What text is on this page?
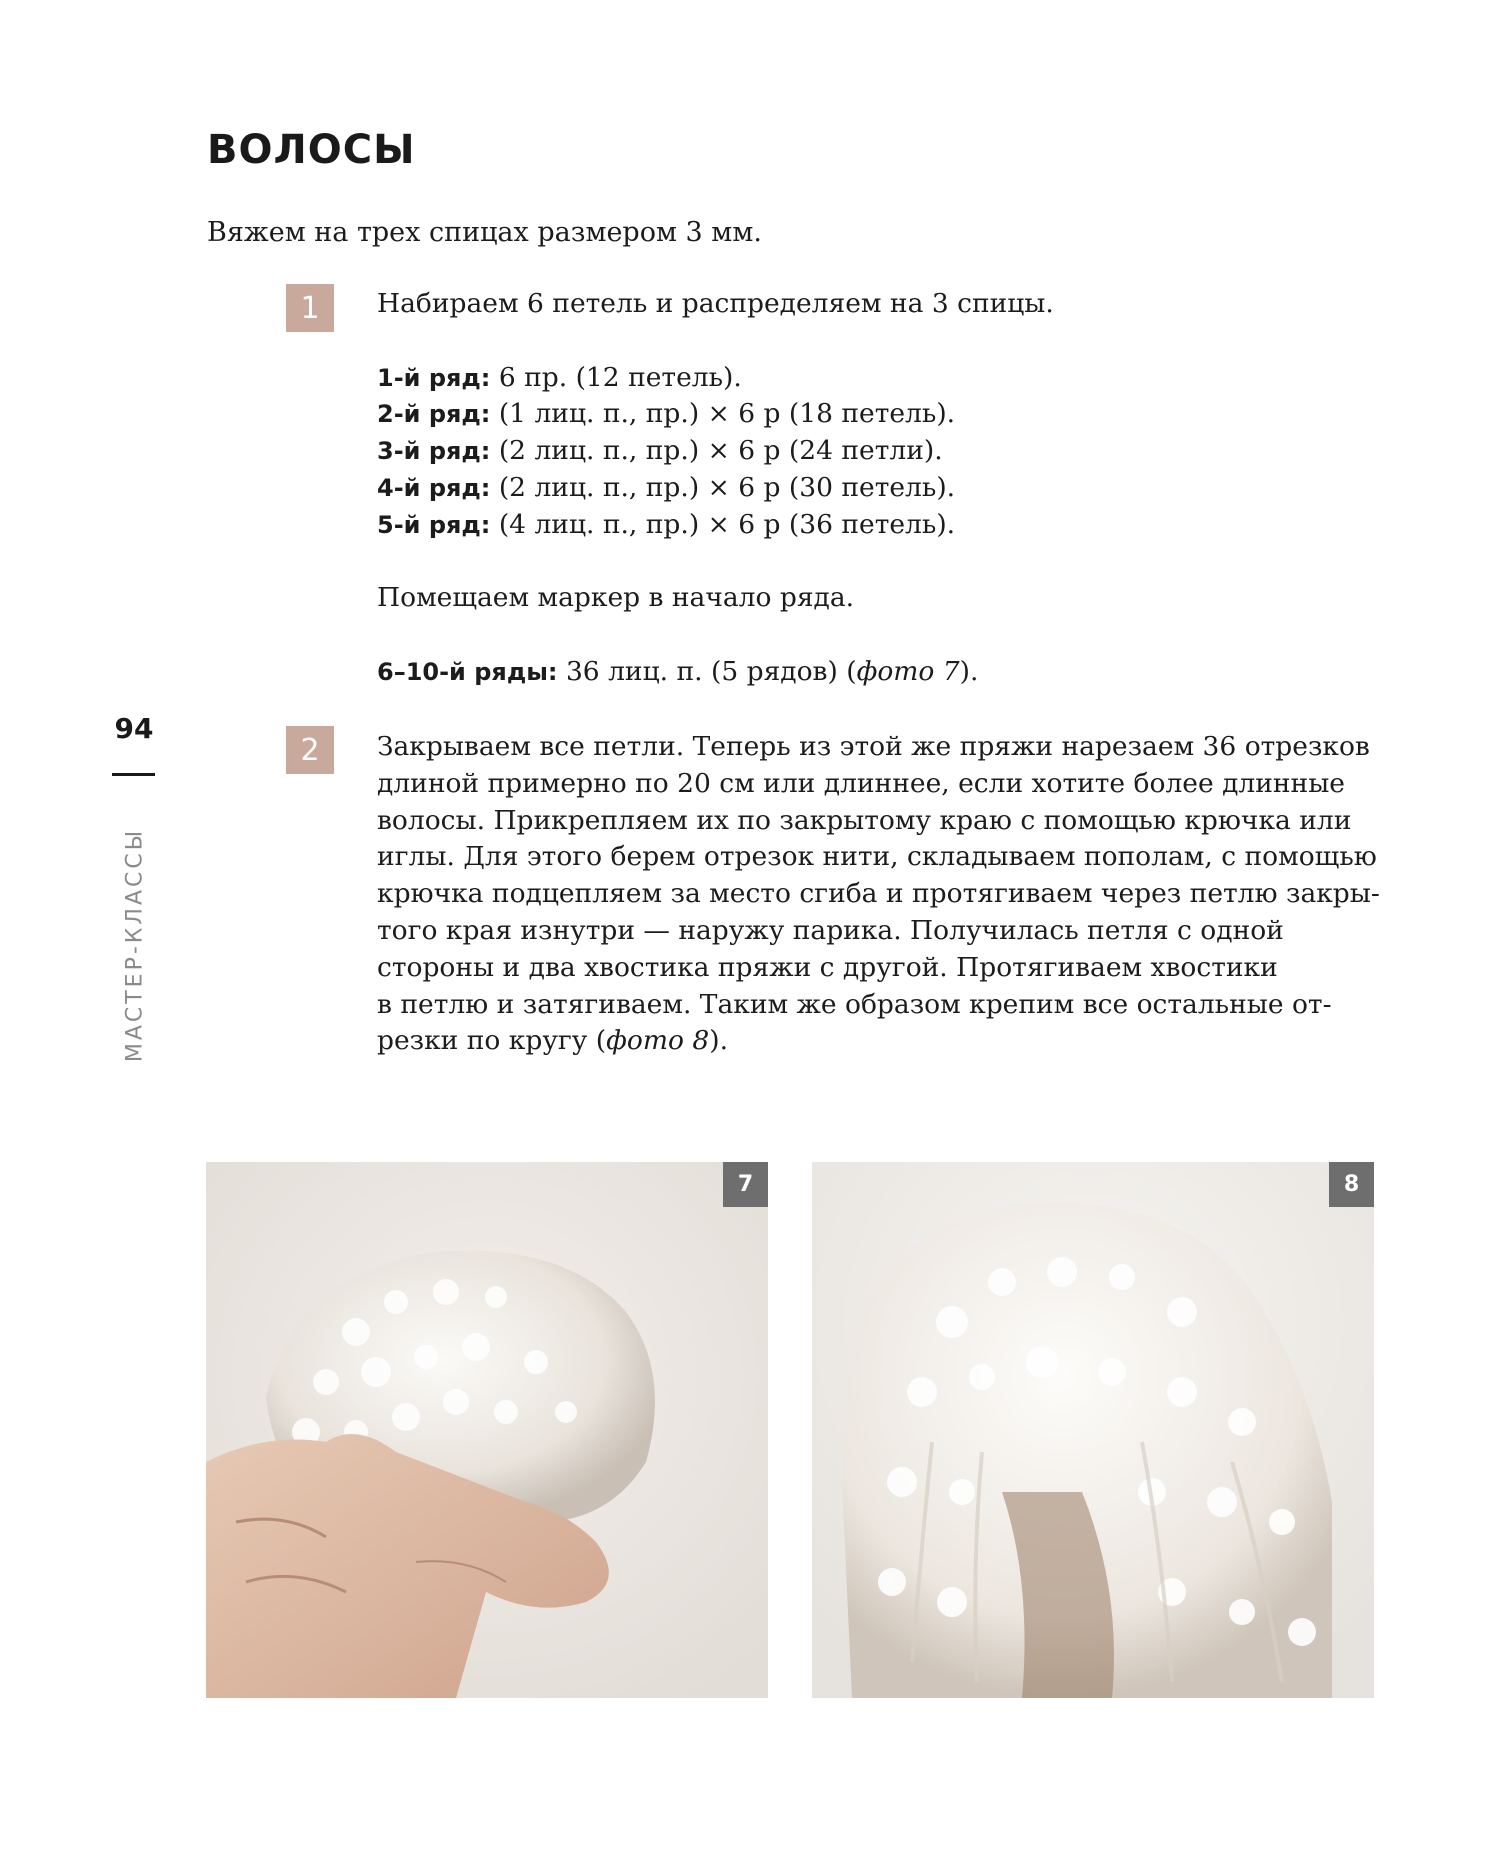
ВОЛОСЫ

Вяжем на трех спицах размером 3 мм.

1	Набираем 6 петель и распределяем на 3 спицы.

1-й ряд: 6 пр. (12 петель).

2-й ряд: (1 лиц. п., пр.) × 6 р (18 петель).

3-й ряд: (2 лиц. п., пр.) × 6 р (24 петли).

4-й ряд: (2 лиц. п., пр.) × 6 р (30 петель).

5-й ряд: (4 лиц. п., пр.) × 6 р (36 петель).

Помещаем маркер в начало ряда.

6–10-й ряды: 36 лиц. п. (5 рядов) (фото 7).

2	Закрываем все петли. Теперь из этой же пряжи нарезаем 36 отрезков

длиной примерно по 20 см или длиннее, если хотите более длинные

волосы. Прикрепляем их по закрытому краю с помощью крючка или

иглы. Для этого берем отрезок нити, складываем пополам, с помощью

крючка подцепляем за место сгиба и протягиваем через петлю закры-

того края изнутри — наружу парика. Получилась петля с одной

стороны и два хвостика пряжи с другой. Протягиваем хвостики

в петлю и затягиваем. Таким же образом крепим все остальные от-

резки по кругу (фото 8).

94
МАСТЕР-КЛАССЫ
7	8
